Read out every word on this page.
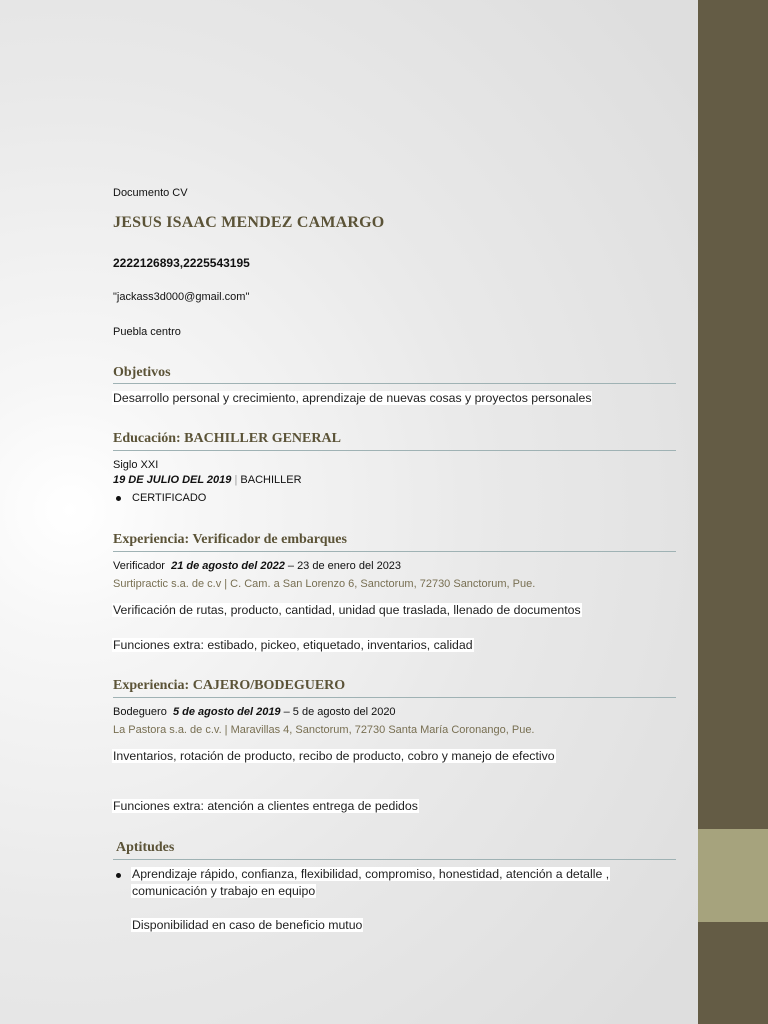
Documento CV
JESUS ISAAC MENDEZ CAMARGO
2222126893,2225543195
"jackass3d000@gmail.com"
Puebla centro
Objetivos
Desarrollo personal y crecimiento, aprendizaje de nuevas cosas y proyectos personales
Educación: BACHILLER GENERAL
Siglo XXI
19 DE JULIO DEL 2019 | BACHILLER
CERTIFICADO
Experiencia: Verificador de embarques
Verificador 21 de agosto del 2022 – 23 de enero del 2023
Surtipractic s.a. de c.v | C. Cam. a San Lorenzo 6, Sanctorum, 72730 Sanctorum, Pue.
Verificación de rutas, producto, cantidad, unidad que traslada, llenado de documentos
Funciones extra: estibado, pickeo, etiquetado, inventarios, calidad
Experiencia: CAJERO/BODEGUERO
Bodeguero 5 de agosto del 2019 – 5 de agosto del 2020
La Pastora s.a. de c.v. | Maravillas 4, Sanctorum, 72730 Santa María Coronango, Pue.
Inventarios, rotación de producto, recibo de producto, cobro y manejo de efectivo
Funciones extra: atención a clientes entrega de pedidos
Aptitudes
Aprendizaje rápido, confianza, flexibilidad, compromiso, honestidad, atención a detalle ,
comunicación y trabajo en equipo
Disponibilidad en caso de beneficio mutuo
